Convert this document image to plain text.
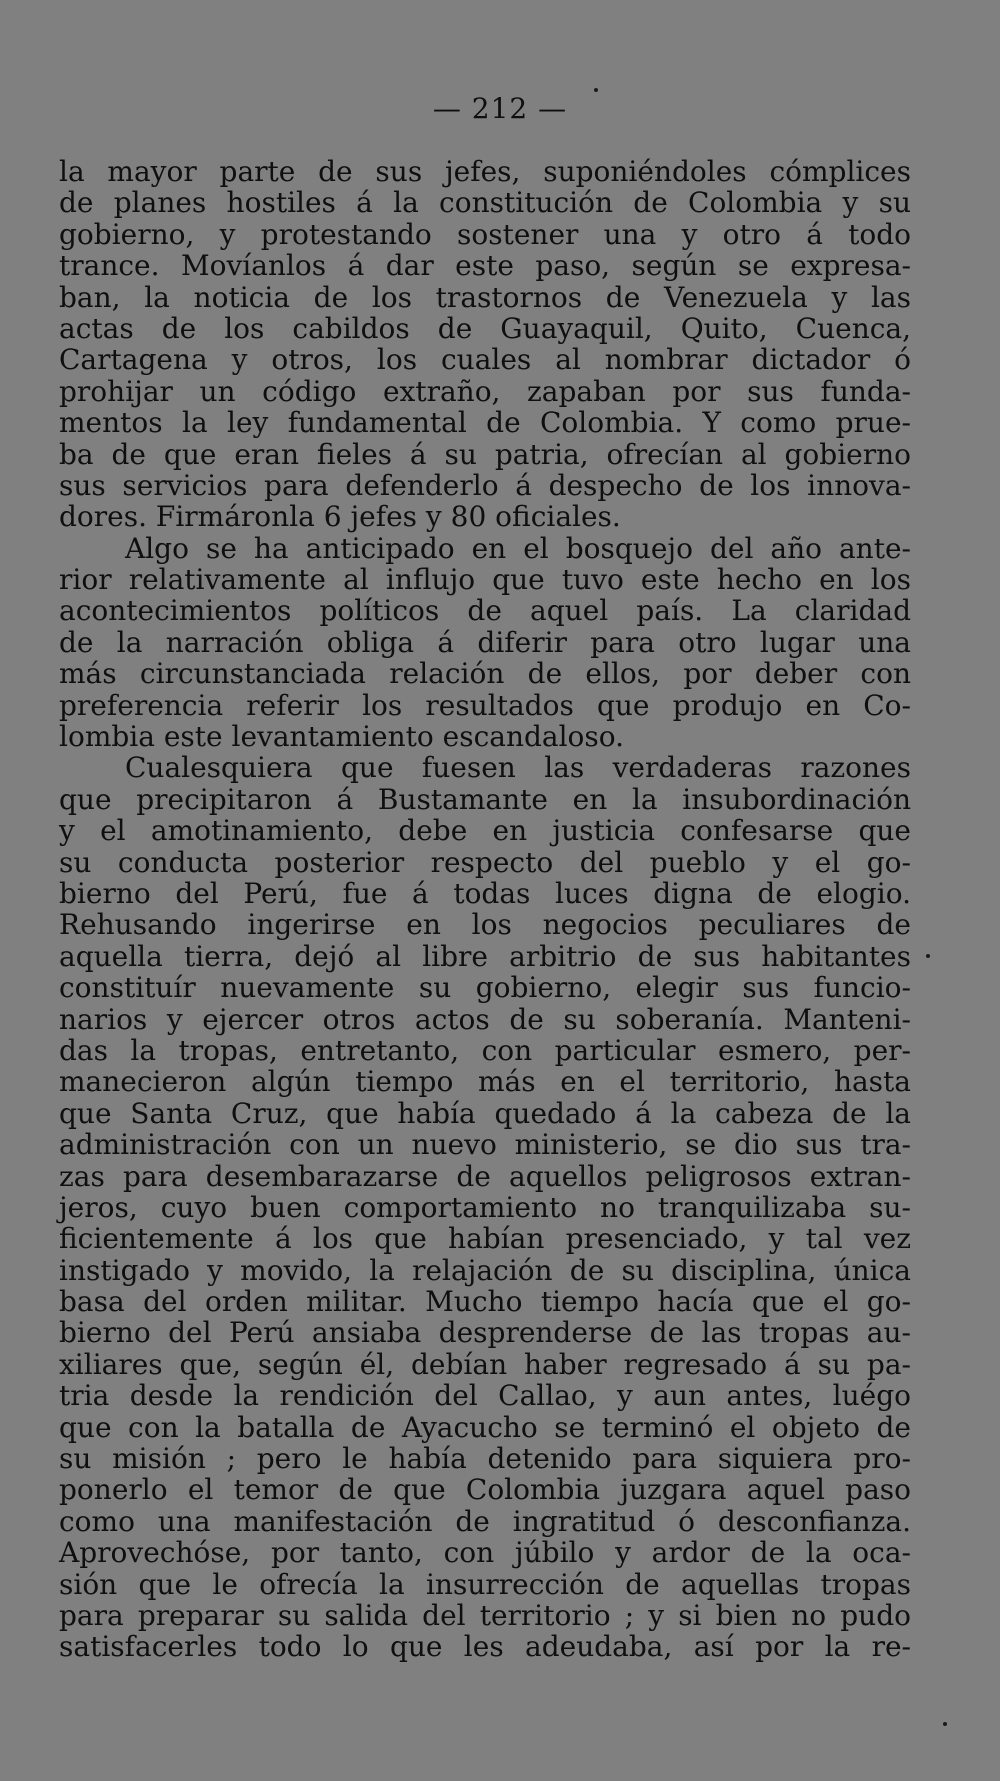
— 212 —
la mayor parte de sus jefes, suponiéndoles cómplices
de planes hostiles á la constitución de Colombia y su
gobierno, y protestando sostener una y otro á todo
trance. Movíanlos á dar este paso, según se expresa-
ban, la noticia de los trastornos de Venezuela y las
actas de los cabildos de Guayaquil, Quito, Cuenca,
Cartagena y otros, los cuales al nombrar dictador ó
prohijar un código extraño, zapaban por sus funda-
mentos la ley fundamental de Colombia. Y como prue-
ba de que eran fieles á su patria, ofrecían al gobierno
sus servicios para defenderlo á despecho de los innova-
dores. Firmáronla 6 jefes y 80 oficiales.
Algo se ha anticipado en el bosquejo del año ante-
rior relativamente al influjo que tuvo este hecho en los
acontecimientos políticos de aquel país. La claridad
de la narración obliga á diferir para otro lugar una
más circunstanciada relación de ellos, por deber con
preferencia referir los resultados que produjo en Co-
lombia este levantamiento escandaloso.
Cualesquiera que fuesen las verdaderas razones
que precipitaron á Bustamante en la insubordinación
y el amotinamiento, debe en justicia confesarse que
su conducta posterior respecto del pueblo y el go-
bierno del Perú, fue á todas luces digna de elogio.
Rehusando ingerirse en los negocios peculiares de
aquella tierra, dejó al libre arbitrio de sus habitantes
constituír nuevamente su gobierno, elegir sus funcio-
narios y ejercer otros actos de su soberanía. Manteni-
das la tropas, entretanto, con particular esmero, per-
manecieron algún tiempo más en el territorio, hasta
que Santa Cruz, que había quedado á la cabeza de la
administración con un nuevo ministerio, se dio sus tra-
zas para desembarazarse de aquellos peligrosos extran-
jeros, cuyo buen comportamiento no tranquilizaba su-
ficientemente á los que habían presenciado, y tal vez
instigado y movido, la relajación de su disciplina, única
basa del orden militar. Mucho tiempo hacía que el go-
bierno del Perú ansiaba desprenderse de las tropas au-
xiliares que, según él, debían haber regresado á su pa-
tria desde la rendición del Callao, y aun antes, luégo
que con la batalla de Ayacucho se terminó el objeto de
su misión ; pero le había detenido para siquiera pro-
ponerlo el temor de que Colombia juzgara aquel paso
como una manifestación de ingratitud ó desconfianza.
Aprovechóse, por tanto, con júbilo y ardor de la oca-
sión que le ofrecía la insurrección de aquellas tropas
para preparar su salida del territorio ; y si bien no pudo
satisfacerles todo lo que les adeudaba, así por la re-
